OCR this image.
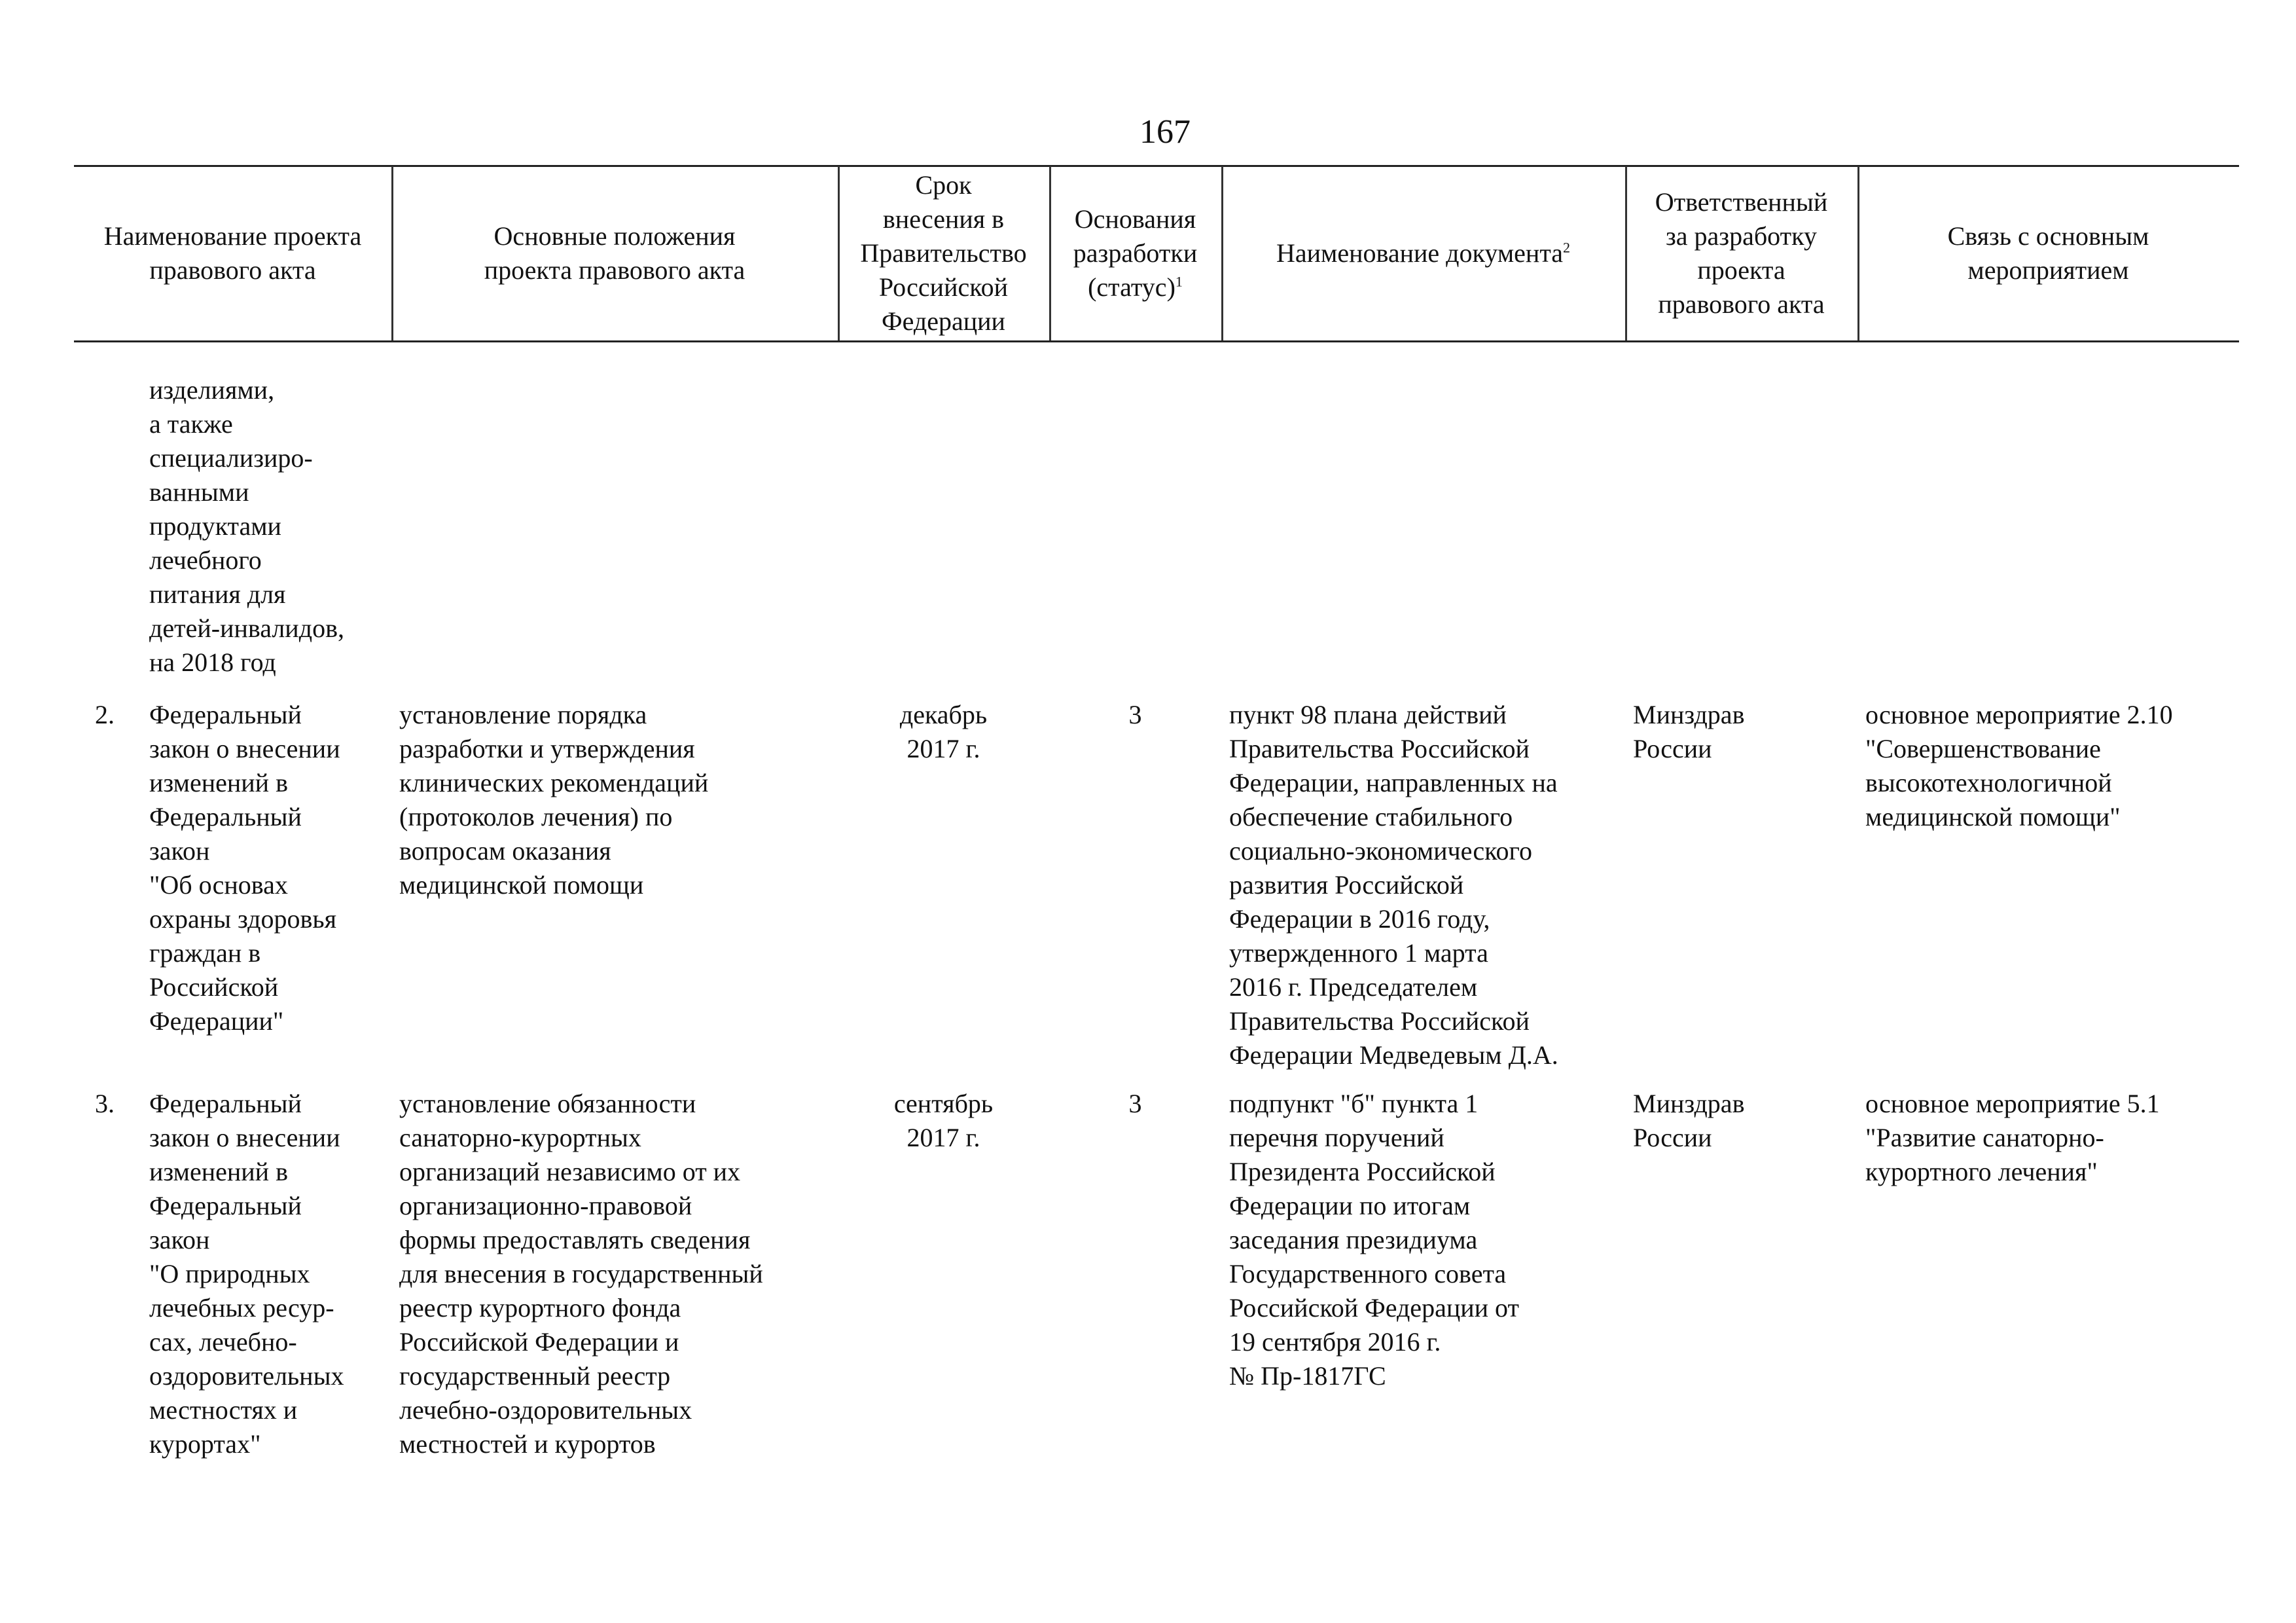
167
Наименование проекта
правового акта
Основные положения
проекта правового акта
Срок
внесения в
Правительство
Российской
Федерации
Основания
разработки
(статус)$^1$
Наименование документа$^2$
Ответственный
за разработку
проекта
правового акта
Связь с основным
мероприятием
изделиями,
а также
специализиро-
ванными
продуктами
лечебного
питания для
детей-инвалидов,
на 2018 год
2. Федеральный
закон о внесении
изменений в
Федеральный
закон
"Об основах
охраны здоровья
граждан в
Российской
Федерации"
установление порядка
разработки и утверждения
клинических рекомендаций
(протоколов лечения) по
вопросам оказания
медицинской помощи
декабрь
2017 г.
3	пункт 98 плана действий
Правительства Российской
Федерации, направленных на
обеспечение стабильного
социально-экономического
развития Российской
Федерации в 2016 году,
утвержденного 1 марта
2016 г. Председателем
Правительства Российской
Федерации Медведевым Д.А.
Минздрав
России
основное мероприятие 2.10
"Совершенствование
высокотехнологичной
медицинской помощи"
3. Федеральный
закон о внесении
изменений в
Федеральный
закон
"О природных
лечебных ресур-
сах, лечебно-
оздоровительных
местностях и
курортах"
установление обязанности
санаторно-курортных
организаций независимо от их
организационно-правовой
формы предоставлять сведения
для внесения в государственный
реестр курортного фонда
Российской Федерации и
государственный реестр
лечебно-оздоровительных
местностей и курортов
сентябрь
2017 г.
3	подпункт "б" пункта 1
перечня поручений
Президента Российской
Федерации по итогам
заседания президиума
Государственного совета
Российской Федерации от
19 сентября 2016 г.
№ Пр-1817ГС
Минздрав
России
основное мероприятие 5.1
"Развитие санаторно-
курортного лечения"
